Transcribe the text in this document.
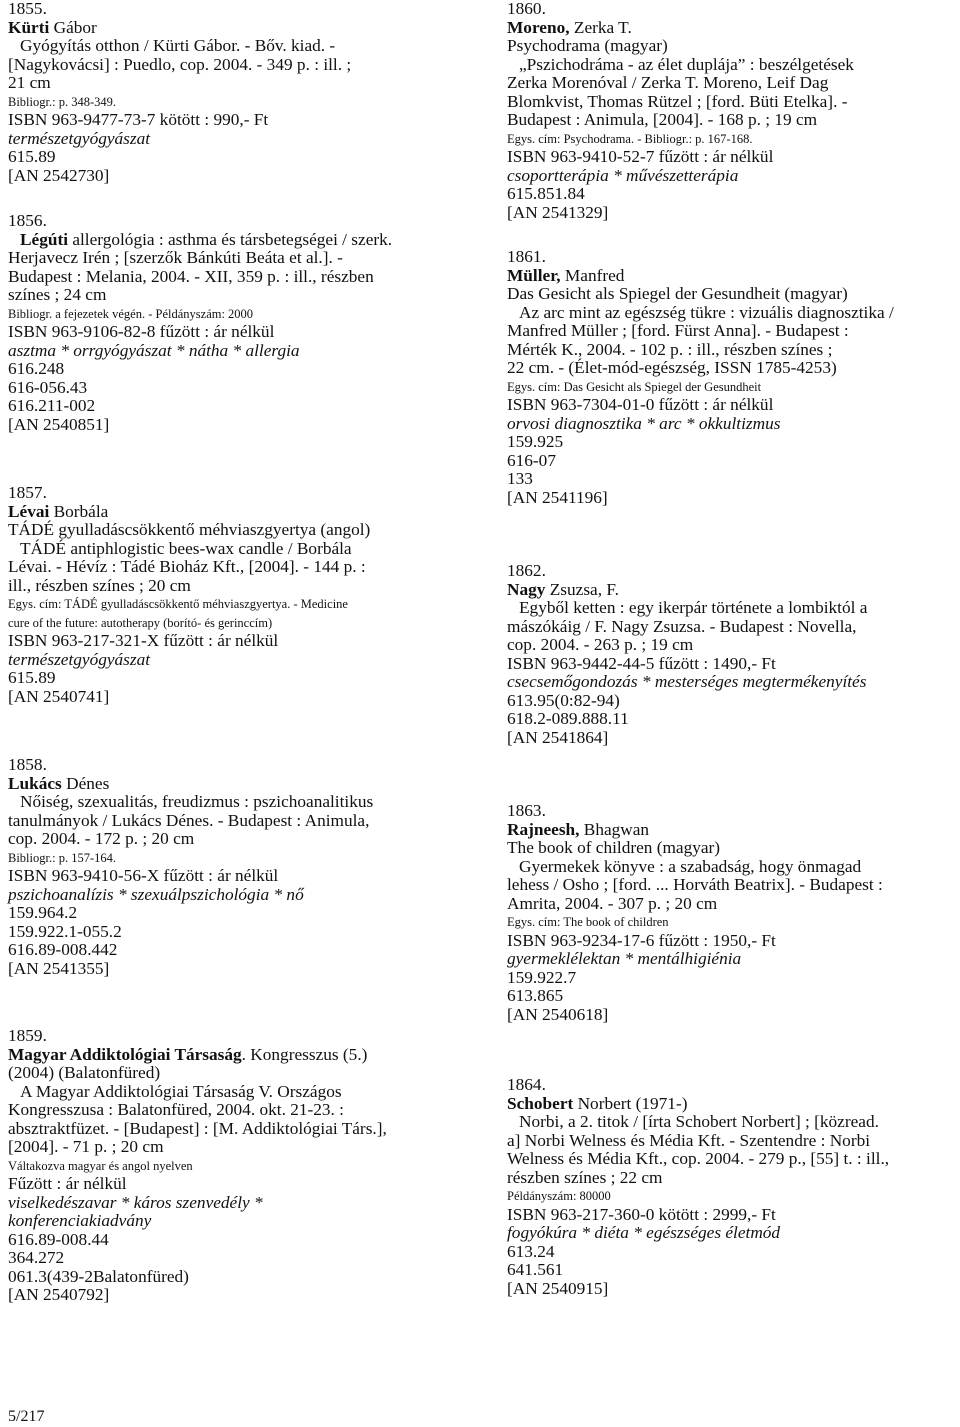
1855.
Kürti Gábor
Gyógyítás otthon / Kürti Gábor. - Bőv. kiad. -
[Nagykovácsi] : Puedlo, cop. 2004. - 349 p. : ill. ;
21 cm
Bibliogr.: p. 348-349.
ISBN 963-9477-73-7 kötött : 990,- Ft
természetgyógyászat
615.89
[AN 2542730]
1856.
Légúti allergológia : asthma és társbetegségei / szerk.
Herjavecz Irén ; [szerzők Bánkúti Beáta et al.]. -
Budapest : Melania, 2004. - XII, 359 p. : ill., részben
színes ; 24 cm
Bibliogr. a fejezetek végén. - Példányszám: 2000
ISBN 963-9106-82-8 fűzött : ár nélkül
asztma * orrgyógyászat * nátha * allergia
616.248
616-056.43
616.211-002
[AN 2540851]
1857.
Lévai Borbála
TÁDÉ gyulladáscsökkentő méhviaszgyertya (angol)
TÁDÉ antiphlogistic bees-wax candle / Borbála
Lévai. - Hévíz : Tádé Bioház Kft., [2004]. - 144 p. :
ill., részben színes ; 20 cm
Egys. cím: TÁDÉ gyulladáscsökkentő méhviaszgyertya. - Medicine
cure of the future: autotherapy (borító- és gerinccím)
ISBN 963-217-321-X fűzött : ár nélkül
természetgyógyászat
615.89
[AN 2540741]
1858.
Lukács Dénes
Nőiség, szexualitás, freudizmus : pszichoanalitikus
tanulmányok / Lukács Dénes. - Budapest : Animula,
cop. 2004. - 172 p. ; 20 cm
Bibliogr.: p. 157-164.
ISBN 963-9410-56-X fűzött : ár nélkül
pszichoanalízis * szexuálpszichológia * nő
159.964.2
159.922.1-055.2
616.89-008.442
[AN 2541355]
1859.
Magyar Addiktológiai Társaság. Kongresszus (5.)
(2004) (Balatonfüred)
A Magyar Addiktológiai Társaság V. Országos
Kongresszusa : Balatonfüred, 2004. okt. 21-23. :
absztraktfüzet. - [Budapest] : [M. Addiktológiai Társ.],
[2004]. - 71 p. ; 20 cm
Váltakozva magyar és angol nyelven
Fűzött : ár nélkül
viselkedészavar * káros szenvedély *
konferenciakiadvány
616.89-008.44
364.272
061.3(439-2Balatonfüred)
[AN 2540792]
1860.
Moreno, Zerka T.
Psychodrama (magyar)
„Pszichodráma - az élet duplája” : beszélgetések
Zerka Morenóval / Zerka T. Moreno, Leif Dag
Blomkvist, Thomas Rützel ; [ford. Büti Etelka]. -
Budapest : Animula, [2004]. - 168 p. ; 19 cm
Egys. cím: Psychodrama. - Bibliogr.: p. 167-168.
ISBN 963-9410-52-7 fűzött : ár nélkül
csoportterápia * művészetterápia
615.851.84
[AN 2541329]
1861.
Müller, Manfred
Das Gesicht als Spiegel der Gesundheit (magyar)
Az arc mint az egészség tükre : vizuális diagnosztika /
Manfred Müller ; [ford. Fürst Anna]. - Budapest :
Mérték K., 2004. - 102 p. : ill., részben színes ;
22 cm. - (Élet-mód-egészség, ISSN 1785-4253)
Egys. cím: Das Gesicht als Spiegel der Gesundheit
ISBN 963-7304-01-0 fűzött : ár nélkül
orvosi diagnosztika * arc * okkultizmus
159.925
616-07
133
[AN 2541196]
1862.
Nagy Zsuzsa, F.
Egyből ketten : egy ikerpár története a lombiktól a
mászókáig / F. Nagy Zsuzsa. - Budapest : Novella,
cop. 2004. - 263 p. ; 19 cm
ISBN 963-9442-44-5 fűzött : 1490,- Ft
csecsemőgondozás * mesterséges megtermékenyítés
613.95(0:82-94)
618.2-089.888.11
[AN 2541864]
1863.
Rajneesh, Bhagwan
The book of children (magyar)
Gyermekek könyve : a szabadság, hogy önmagad
lehess / Osho ; [ford. ... Horváth Beatrix]. - Budapest :
Amrita, 2004. - 307 p. ; 20 cm
Egys. cím: The book of children
ISBN 963-9234-17-6 fűzött : 1950,- Ft
gyermeklélektan * mentálhigiénia
159.922.7
613.865
[AN 2540618]
1864.
Schobert Norbert (1971-)
Norbi, a 2. titok / [írta Schobert Norbert] ; [közread.
a] Norbi Welness és Média Kft. - Szentendre : Norbi
Welness és Média Kft., cop. 2004. - 279 p., [55] t. : ill.,
részben színes ; 22 cm
Példányszám: 80000
ISBN 963-217-360-0 kötött : 2999,- Ft
fogyókúra * diéta * egészséges életmód
613.24
641.561
[AN 2540915]
5/217
